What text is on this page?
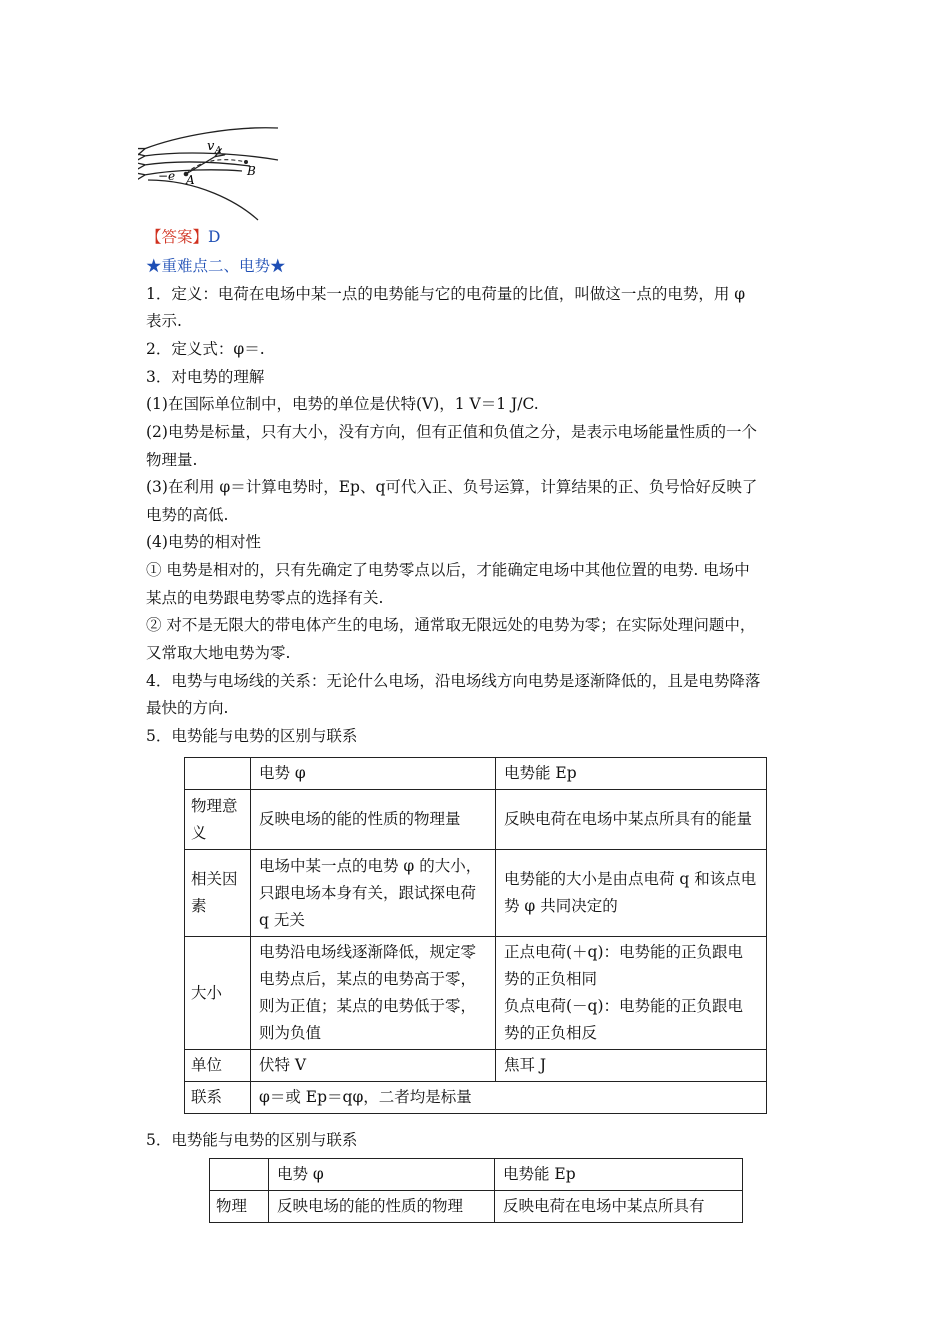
v A
−e A
B
【答案】D
★重难点二、电势★
1．定义：电荷在电场中某一点的电势能与它的电荷量的比值，叫做这一点的电势，用 φ
表示.
2．定义式：φ＝.
3．对电势的理解
(1)在国际单位制中，电势的单位是伏特(V)，1 V＝1 J/C.
(2)电势是标量，只有大小，没有方向，但有正值和负值之分，是表示电场能量性质的一个
物理量.
(3)在利用 φ＝计算电势时，Ep、q可代入正、负号运算，计算结果的正、负号恰好反映了
电势的高低.
(4)电势的相对性
① 电势是相对的，只有先确定了电势零点以后，才能确定电场中其他位置的电势. 电场中
某点的电势跟电势零点的选择有关.
② 对不是无限大的带电体产生的电场，通常取无限远处的电势为零；在实际处理问题中，
又常取大地电势为零.
4．电势与电场线的关系：无论什么电场，沿电场线方向电势是逐渐降低的，且是电势降落
最快的方向.
5．电势能与电势的区别与联系
	电势 φ	电势能 Ep
物理意义	反映电场的能的性质的物理量	反映电荷在电场中某点所具有的能量
相关因素	电场中某一点的电势 φ 的大小，只跟电场本身有关，跟试探电荷 q 无关	电势能的大小是由点电荷 q 和该点电势 φ 共同决定的
大小	电势沿电场线逐渐降低，规定零电势点后，某点的电势高于零，则为正值；某点的电势低于零，则为负值	正点电荷(＋q)：电势能的正负跟电势的正负相同
负点电荷(－q)：电势能的正负跟电势的正负相反

单位	伏特 V	焦耳 J
联系	φ＝或 Ep＝qφ，二者均是标量	
5．电势能与电势的区别与联系
	电势 φ	电势能 Ep
物理	反映电场的能的性质的物理	反映电荷在电场中某点所具有
